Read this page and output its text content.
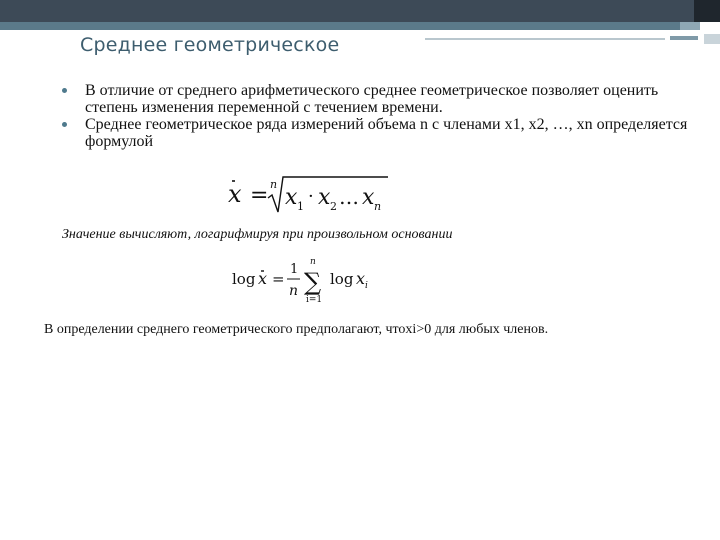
Среднее геометрическое
В отличие от среднего арифметического среднее геометрическое позволяет оценить степень изменения переменной с течением времени.
Среднее геометрическое ряда измерений объема n с членами x1, x2, …, xn определяется формулой
x = n
x 1 · x 2 … x n
Значение вычисляют, логарифмируя при произвольном основании
log x =
1
n
n
∑
i=1
log x i
В определении среднего геометрического предполагают, чтоxi>0 для любых членов.
